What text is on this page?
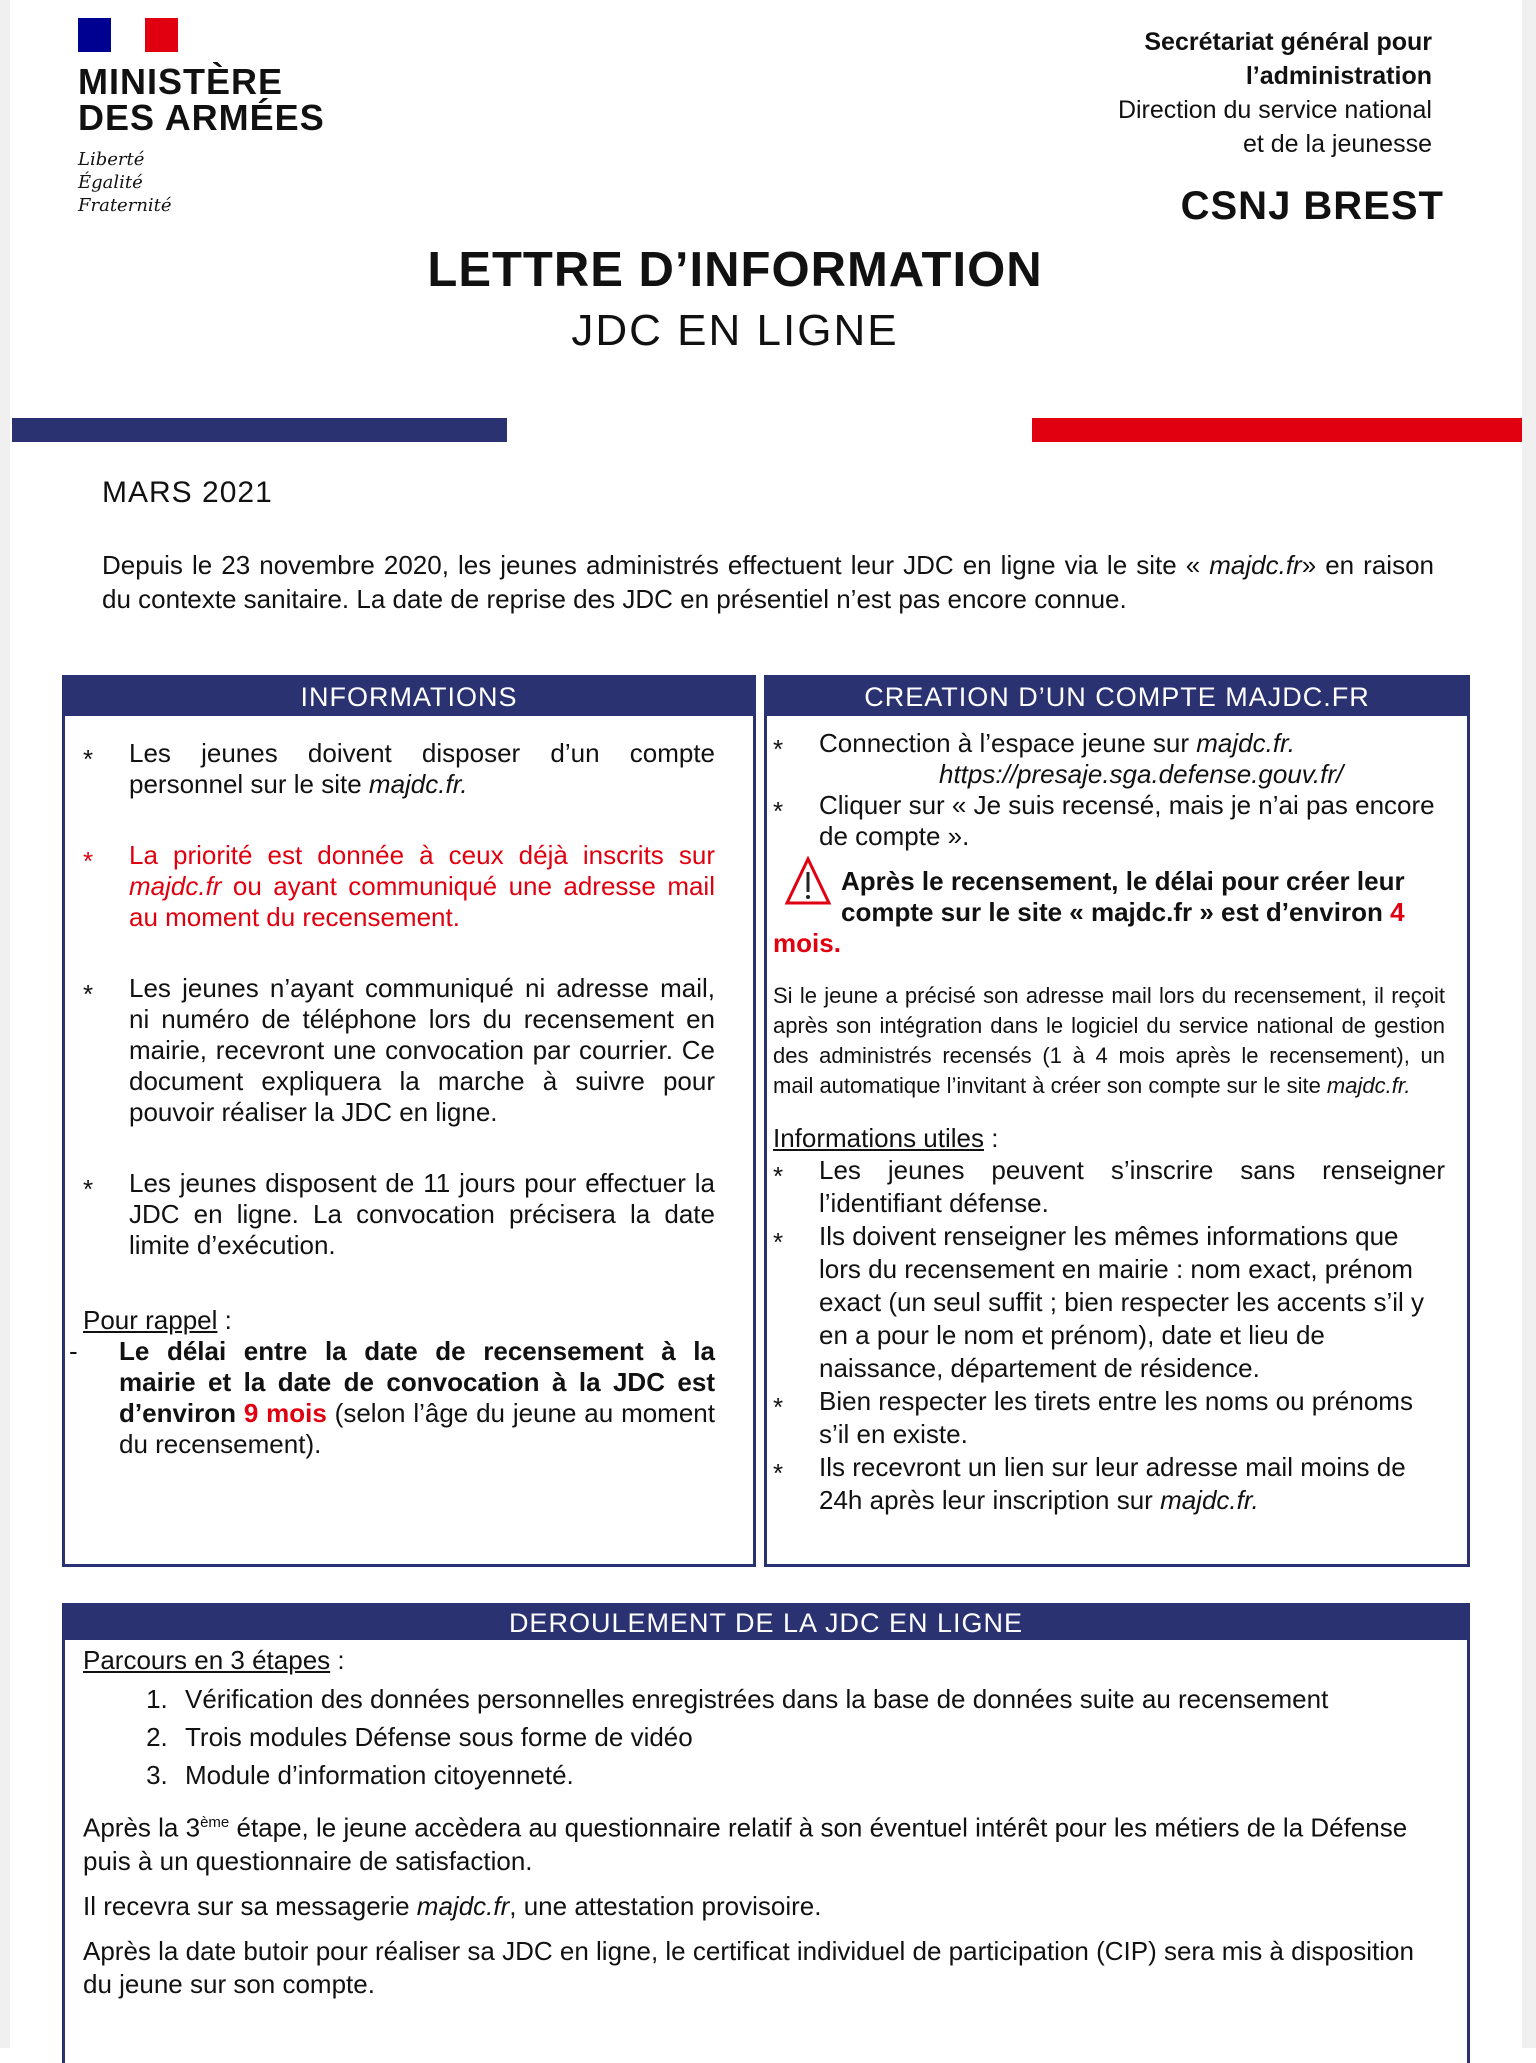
MINISTÈRE
DES ARMÉES
Liberté
Égalité
Fraternité
Secrétariat général pour
l’administration
Direction du service national
et de la jeunesse
CSNJ BREST
LETTRE D’INFORMATION
JDC EN LIGNE
MARS 2021
Depuis le 23 novembre 2020, les jeunes administrés effectuent leur JDC en ligne via le site « majdc.fr» en raison du contexte sanitaire. La date de reprise des JDC en présentiel n’est pas encore connue.
INFORMATIONS
* Les jeunes doivent disposer d’un compte personnel sur le site majdc.fr.
* La priorité est donnée à ceux déjà inscrits sur majdc.fr ou ayant communiqué une adresse mail au moment du recensement.
* Les jeunes n’ayant communiqué ni adresse mail, ni numéro de téléphone lors du recensement en mairie, recevront une convocation par courrier. Ce document expliquera la marche à suivre pour pouvoir réaliser la JDC en ligne.
* Les jeunes disposent de 11 jours pour effectuer la JDC en ligne. La convocation précisera la date limite d’exécution.
Pour rappel :
- Le délai entre la date de recensement à la mairie et la date de convocation à la JDC est d’environ 9 mois (selon l’âge du jeune au moment du recensement).
CREATION D’UN COMPTE MAJDC.FR
* Connection à l’espace jeune sur majdc.fr.
https://presaje.sga.defense.gouv.fr/
* Cliquer sur « Je suis recensé, mais je n’ai pas encore de compte ».
Après le recensement, le délai pour créer leur compte sur le site « majdc.fr » est d’environ 4 mois.
Si le jeune a précisé son adresse mail lors du recensement, il reçoit après son intégration dans le logiciel du service national de gestion des administrés recensés (1 à 4 mois après le recensement), un mail automatique l’invitant à créer son compte sur le site majdc.fr.
Informations utiles :
* Les jeunes peuvent s’inscrire sans renseigner l’identifiant défense.
* Ils doivent renseigner les mêmes informations que lors du recensement en mairie : nom exact, prénom exact (un seul suffit ; bien respecter les accents s’il y en a pour le nom et prénom), date et lieu de naissance, département de résidence.
* Bien respecter les tirets entre les noms ou prénoms s’il en existe.
* Ils recevront un lien sur leur adresse mail moins de 24h après leur inscription sur majdc.fr.
DEROULEMENT DE LA JDC EN LIGNE
Parcours en 3 étapes :
1. Vérification des données personnelles enregistrées dans la base de données suite au recensement
2. Trois modules Défense sous forme de vidéo
3. Module d’information citoyenneté.

Après la 3ème étape, le jeune accèdera au questionnaire relatif à son éventuel intérêt pour les métiers de la Défense puis à un questionnaire de satisfaction.

Il recevra sur sa messagerie majdc.fr, une attestation provisoire.

Après la date butoir pour réaliser sa JDC en ligne, le certificat individuel de participation (CIP) sera mis à disposition du jeune sur son compte.
